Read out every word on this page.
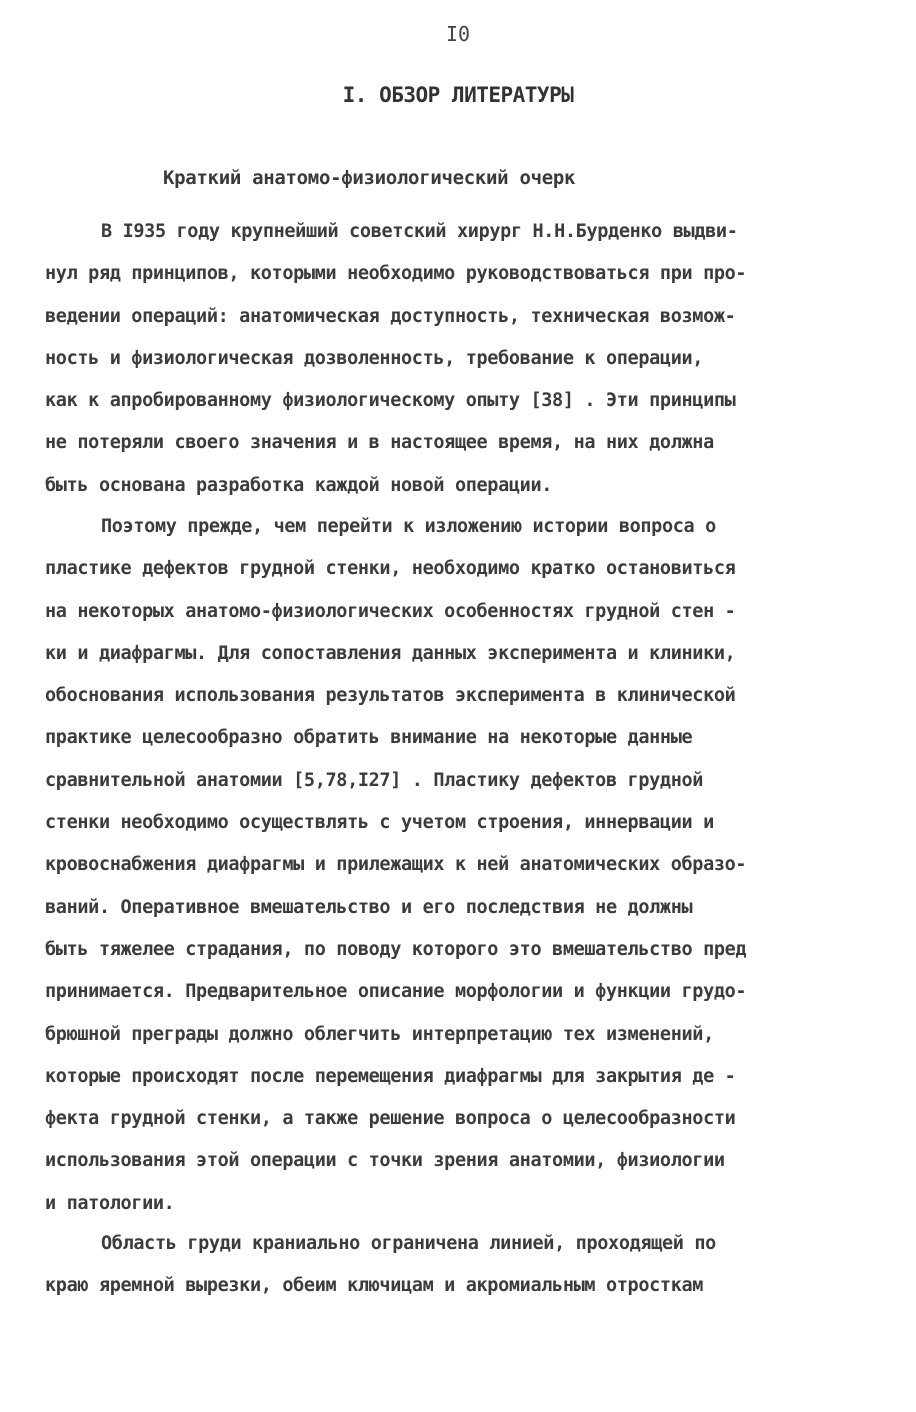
I0
I. ОБЗОР ЛИТЕРАТУРЫ
Краткий анатомо-физиологический очерк
В I935 году крупнейший советский хирург Н.Н.Бурденко выдви-
нул ряд принципов, которыми необходимо руководствоваться при про-
ведении операций: анатомическая доступность, техническая возмож-
ность и физиологическая дозволенность, требование к операции,
как к апробированному физиологическому опыту [38] . Эти принципы
не потеряли своего значения и в настоящее время, на них должна
быть основана разработка каждой новой операции.
Поэтому прежде, чем перейти к изложению истории вопроса о
пластике дефектов грудной стенки, необходимо кратко остановиться
на некоторых анатомо-физиологических особенностях грудной стен -
ки и диафрагмы. Для сопоставления данных эксперимента и клиники,
обоснования использования результатов эксперимента в клинической
практике целесообразно обратить внимание на некоторые данные
сравнительной анатомии [5,78,I27] . Пластику дефектов грудной
стенки необходимо осуществлять с учетом строения, иннервации и
кровоснабжения диафрагмы и прилежащих к ней анатомических образо-
ваний. Оперативное вмешательство и его последствия не должны
быть тяжелее страдания, по поводу которого это вмешательство пред
принимается. Предварительное описание морфологии и функции грудо-
брюшной преграды должно облегчить интерпретацию тех изменений,
которые происходят после перемещения диафрагмы для закрытия де -
фекта грудной стенки, а также решение вопроса о целесообразности
использования этой операции с точки зрения анатомии, физиологии
и патологии.
Область груди краниально ограничена линией, проходящей по
краю яремной вырезки, обеим ключицам и акромиальным отросткам
